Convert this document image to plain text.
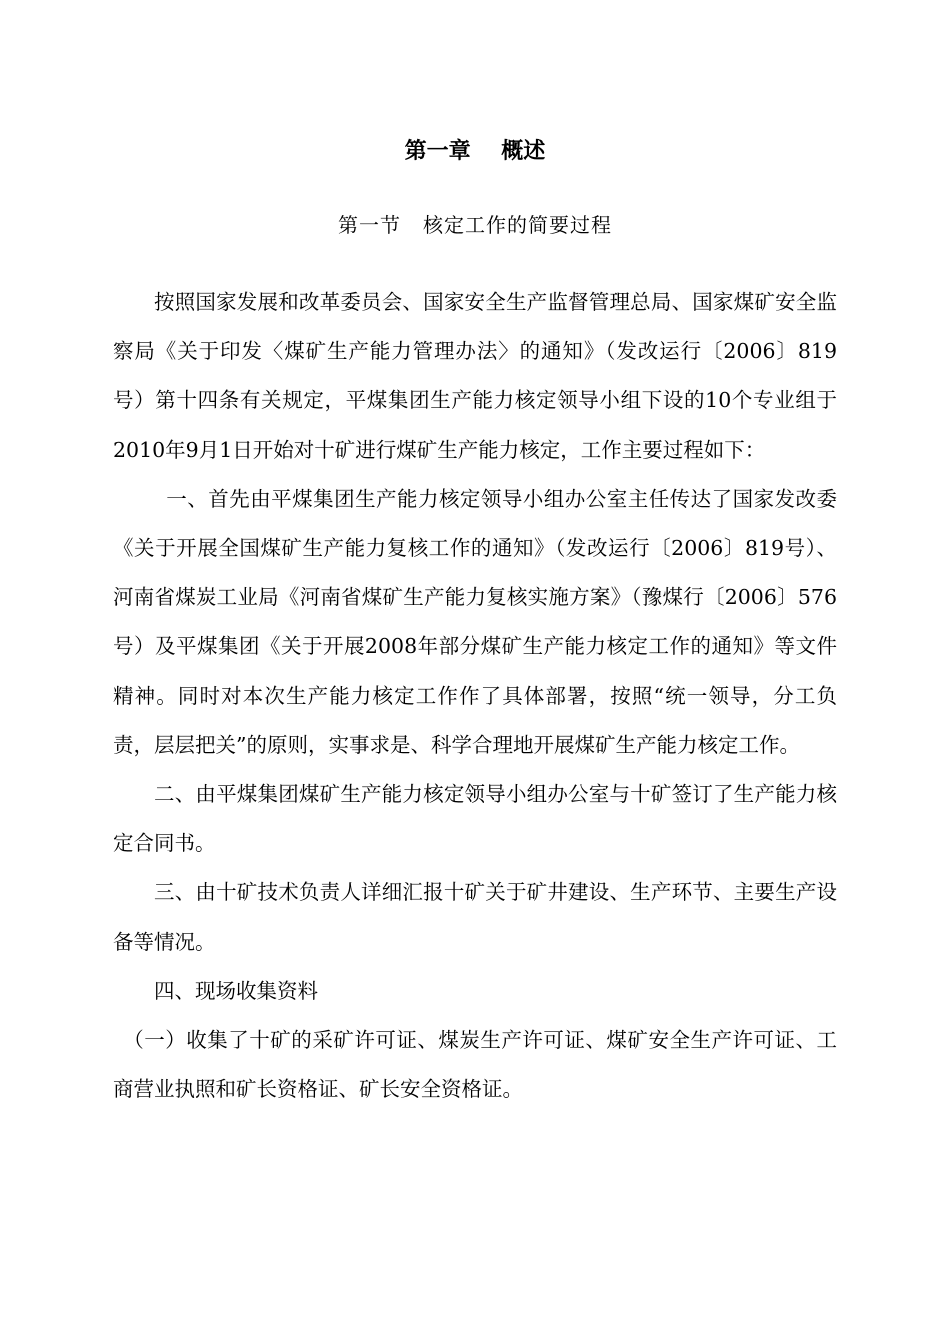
第一章    概述
第一节   核定工作的简要过程

按照国家发展和改革委员会、国家安全生产监督管理总局、国家煤矿安全监察局《关于印发〈煤矿生产能力管理办法〉的通知》（发改运行〔2006〕819号）第十四条有关规定，平煤集团生产能力核定领导小组下设的10个专业组于2010年9月1日开始对十矿进行煤矿生产能力核定，工作主要过程如下：

一、首先由平煤集团生产能力核定领导小组办公室主任传达了国家发改委《关于开展全国煤矿生产能力复核工作的通知》（发改运行〔2006〕819号）、河南省煤炭工业局《河南省煤矿生产能力复核实施方案》（豫煤行〔2006〕576号）及平煤集团《关于开展2008年部分煤矿生产能力核定工作的通知》等文件精神。同时对本次生产能力核定工作作了具体部署，按照“统一领导，分工负责，层层把关”的原则，实事求是、科学合理地开展煤矿生产能力核定工作。

二、由平煤集团煤矿生产能力核定领导小组办公室与十矿签订了生产能力核定合同书。

三、由十矿技术负责人详细汇报十矿关于矿井建设、生产环节、主要生产设备等情况。

四、现场收集资料

（一）收集了十矿的采矿许可证、煤炭生产许可证、煤矿安全生产许可证、工商营业执照和矿长资格证、矿长安全资格证。
